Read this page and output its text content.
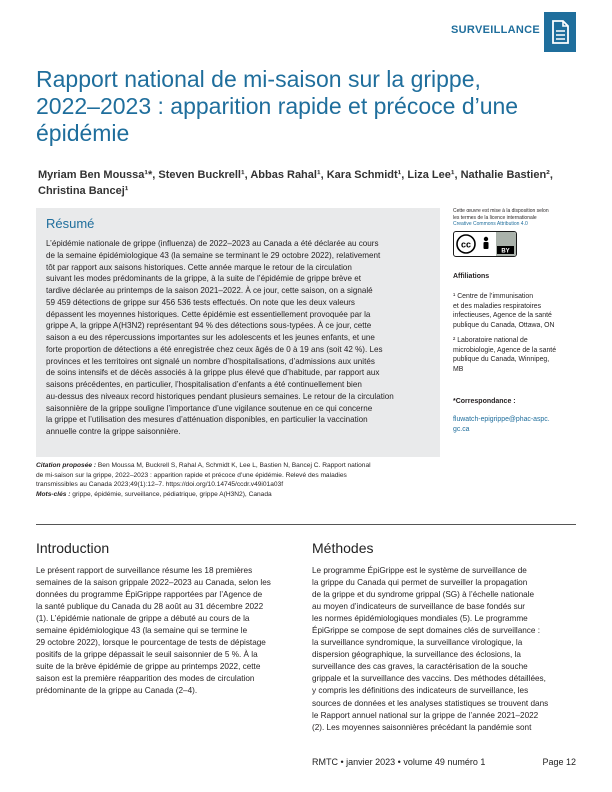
SURVEILLANCE
Rapport national de mi-saison sur la grippe,
2022–2023 : apparition rapide et précoce d’une
épidémie
Myriam Ben Moussa¹*, Steven Buckrell¹, Abbas Rahal¹, Kara Schmidt¹, Liza Lee¹, Nathalie Bastien²,
Christina Bancej¹
Résumé

L’épidémie nationale de grippe (influenza) de 2022–2023 au Canada a été déclarée au cours
de la semaine épidémiologique 43 (la semaine se terminant le 29 octobre 2022), relativement
tôt par rapport aux saisons historiques. Cette année marque le retour de la circulation
suivant les modes prédominants de la grippe, à la suite de l’épidémie de grippe brève et
tardive déclarée au printemps de la saison 2021–2022. À ce jour, cette saison, on a signalé
59 459 détections de grippe sur 456 536 tests effectués. On note que les deux valeurs
dépassent les moyennes historiques. Cette épidémie est essentiellement provoquée par la
grippe A, la grippe A(H3N2) représentant 94 % des détections sous-typées. À ce jour, cette
saison a eu des répercussions importantes sur les adolescents et les jeunes enfants, et une
forte proportion de détections a été enregistrée chez ceux âgés de 0 à 19 ans (soit 42 %). Les
provinces et les territoires ont signalé un nombre d’hospitalisations, d’admissions aux unités
de soins intensifs et de décès associés à la grippe plus élevé que d’habitude, par rapport aux
saisons précédentes, en particulier, l’hospitalisation d’enfants a été continuellement bien
au-dessus des niveaux record historiques pendant plusieurs semaines. Le retour de la circulation
saisonnière de la grippe souligne l’importance d’une vigilance soutenue en ce qui concerne
la grippe et l’utilisation des mesures d’atténuation disponibles, en particulier la vaccination
annuelle contre la grippe saisonnière.

Citation proposée : Ben Moussa M, Buckrell S, Rahal A, Schmidt K, Lee L, Bastien N, Bancej C. Rapport national
de mi-saison sur la grippe, 2022–2023 : apparition rapide et précoce d’une épidémie. Relevé des maladies
transmissibles au Canada 2023;49(1):12–7. https://doi.org/10.14745/ccdr.v49i01a03f
Mots-clés : grippe, épidémie, surveillance, pédiatrique, grippe A(H3N2), Canada
Cette œuvre est mise à la disposition selon
les termes de la licence internationale
Creative Commons Attribution 4.0
cc
BY
Affiliations
¹ Centre de l’immunisation
et des maladies respiratoires
infectieuses, Agence de la santé
publique du Canada, Ottawa, ON
² Laboratoire national de
microbiologie, Agence de la santé
publique du Canada, Winnipeg,
MB
*Correspondance :
fluwatch-epigrippe@phac-aspc.
gc.ca
Introduction
Le présent rapport de surveillance résume les 18 premières
semaines de la saison grippale 2022–2023 au Canada, selon les
données du programme ÉpiGrippe rapportées par l’Agence de
la santé publique du Canada du 28 août au 31 décembre 2022
(1). L’épidémie nationale de grippe a débuté au cours de la
semaine épidémiologique 43 (la semaine qui se termine le
29 octobre 2022), lorsque le pourcentage de tests de dépistage
positifs de la grippe dépassait le seuil saisonnier de 5 %. À la
suite de la brève épidémie de grippe au printemps 2022, cette
saison est la première réapparition des modes de circulation
prédominante de la grippe au Canada (2–4).
Méthodes
Le programme ÉpiGrippe est le système de surveillance de
la grippe du Canada qui permet de surveiller la propagation
de la grippe et du syndrome grippal (SG) à l’échelle nationale
au moyen d’indicateurs de surveillance de base fondés sur
les normes épidémiologiques mondiales (5). Le programme
ÉpiGrippe se compose de sept domaines clés de surveillance :
la surveillance syndromique, la surveillance virologique, la
dispersion géographique, la surveillance des éclosions, la
surveillance des cas graves, la caractérisation de la souche
grippale et la surveillance des vaccins. Des méthodes détaillées,
y compris les définitions des indicateurs de surveillance, les
sources de données et les analyses statistiques se trouvent dans
le Rapport annuel national sur la grippe de l’année 2021–2022
(2). Les moyennes saisonnières précédant la pandémie sont
RMTC • janvier 2023 • volume 49 numéro 1	Page 12
